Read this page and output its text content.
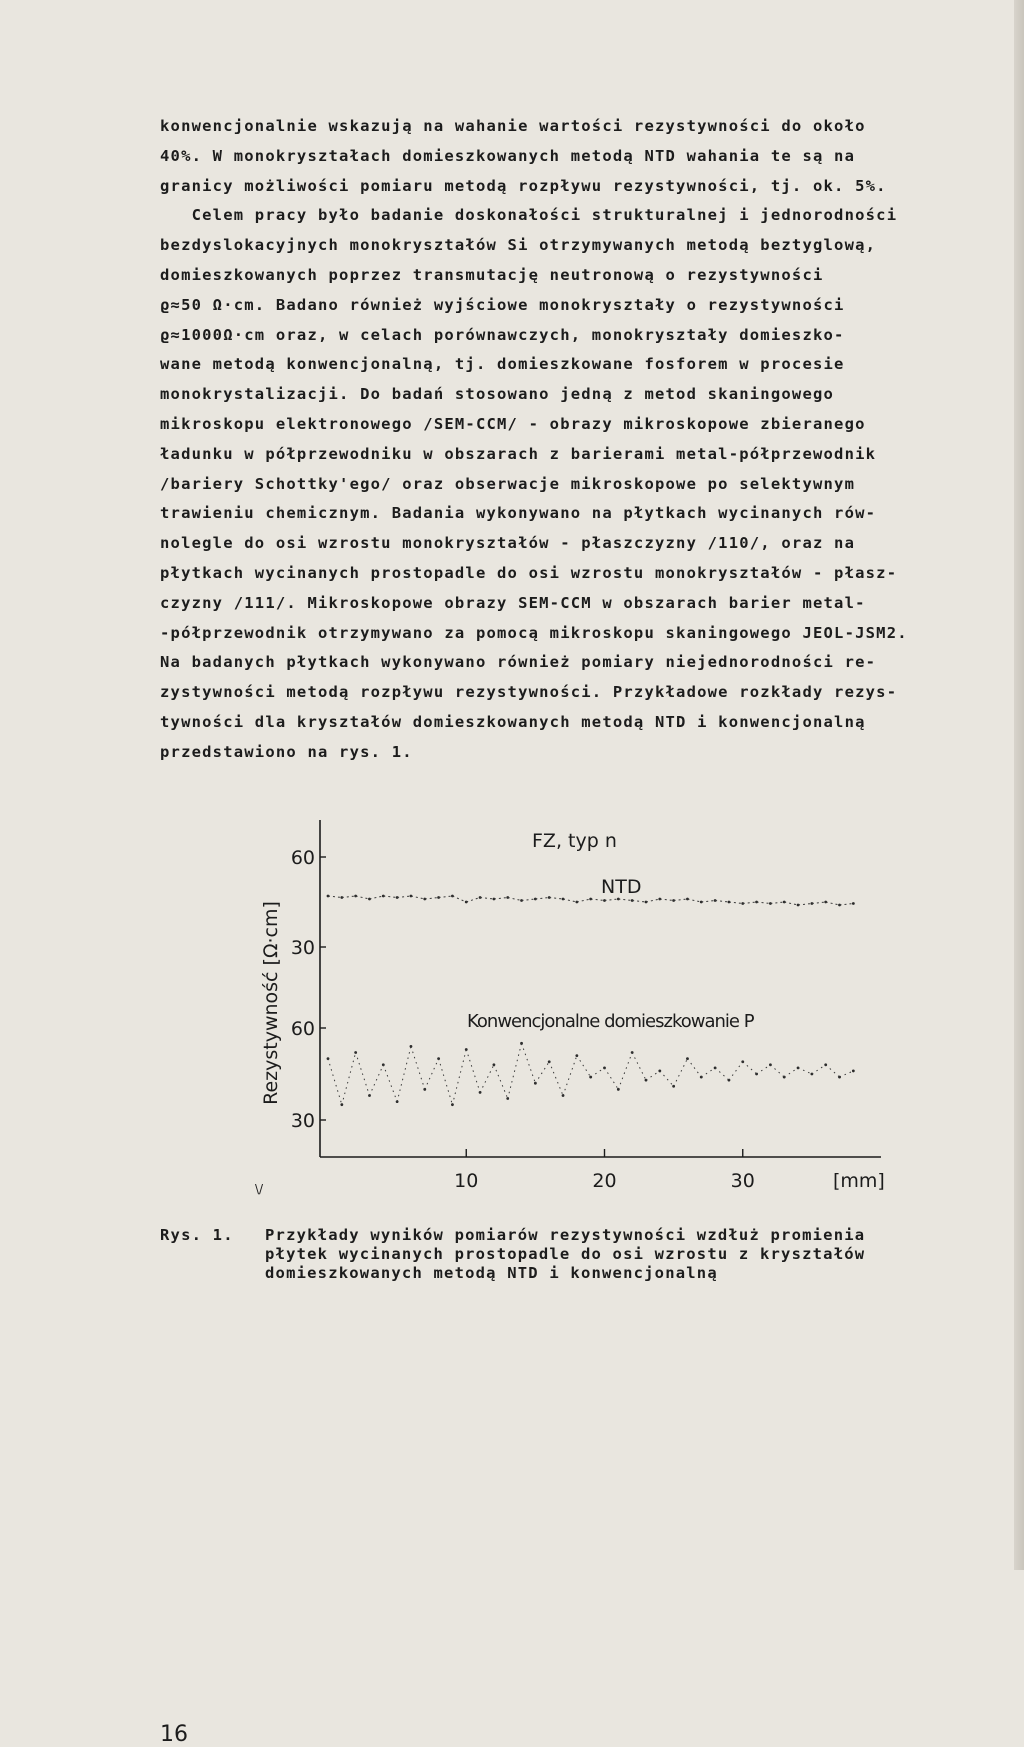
konwencjonalnie wskazują na wahanie wartości rezystywności do około
40%. W monokryształach domieszkowanych metodą NTD wahania te są na
granicy możliwości pomiaru metodą rozpływu rezystywności, tj. ok. 5%.
Celem pracy było badanie doskonałości strukturalnej i jednorodności
bezdyslokacyjnych monokryształów Si otrzymywanych metodą beztyglową,
domieszkowanych poprzez transmutację neutronową o rezystywności
ϱ≈50 Ω·cm. Badano również wyjściowe monokryształy o rezystywności
ϱ≈1000Ω·cm oraz, w celach porównawczych, monokryształy domieszko-
wane metodą konwencjonalną, tj. domieszkowane fosforem w procesie
monokrystalizacji. Do badań stosowano jedną z metod skaningowego
mikroskopu elektronowego /SEM-CCM/ - obrazy mikroskopowe zbieranego
ładunku w półprzewodniku w obszarach z barierami metal-półprzewodnik
/bariery Schottky'ego/ oraz obserwacje mikroskopowe po selektywnym
trawieniu chemicznym. Badania wykonywano na płytkach wycinanych rów-
nolegle do osi wzrostu monokryształów - płaszczyzny /110/, oraz na
płytkach wycinanych prostopadle do osi wzrostu monokryształów - płasz-
czyzny /111/. Mikroskopowe obrazy SEM-CCM w obszarach barier metal-
-półprzewodnik otrzymywano za pomocą mikroskopu skaningowego JEOL-JSM2.
Na badanych płytkach wykonywano również pomiary niejednorodności re-
zystywności metodą rozpływu rezystywności. Przykładowe rozkłady rezys-
tywności dla kryształów domieszkowanych metodą NTD i konwencjonalną
przedstawiono na rys. 1.
Rezystywność [Ω·cm]
FZ, typ n
NTD
Konwencjonalne domieszkowanie P
[mm]
\/	10	20	30
30
60
30
60
Rys. 1.	Przykłady wyników pomiarów rezystywności wzdłuż promienia
płytek wycinanych prostopadle do osi wzrostu z kryształów
domieszkowanych metodą NTD i konwencjonalną
16
